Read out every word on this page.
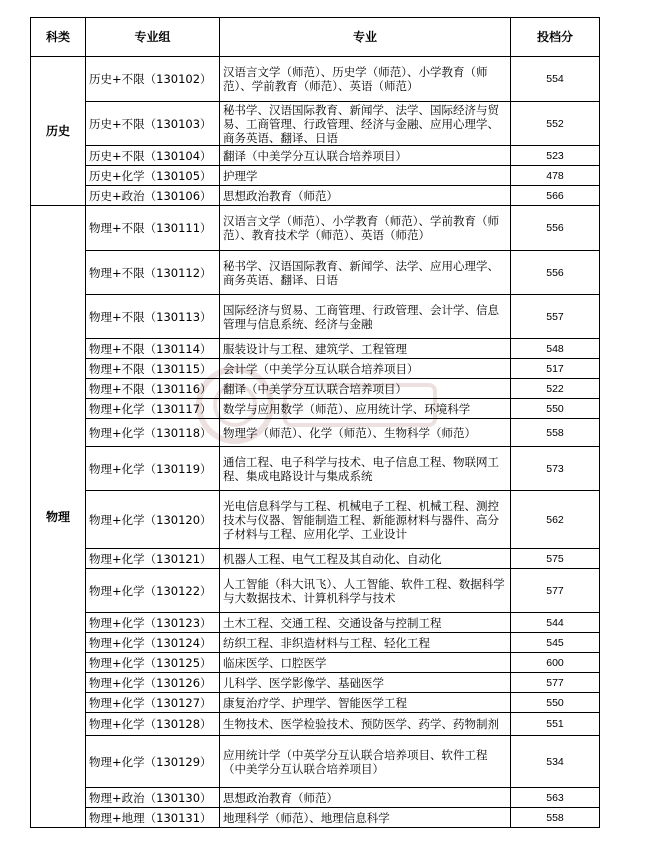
科类	专业组	专业	投档分
历史	历史+不限（130102）	汉语言文学（师范）、历史学（师范）、小学教育（师范）、学前教育（师范）、英语（师范）	554
	历史+不限（130103）	秘书学、汉语国际教育、新闻学、法学、国际经济与贸易、工商管理、行政管理、经济与金融、应用心理学、商务英语、翻译、日语	552
	历史+不限（130104）	翻译（中美学分互认联合培养项目）	523
	历史+化学（130105）	护理学	478
	历史+政治（130106）	思想政治教育（师范）	566
物理	物理+不限（130111）	汉语言文学（师范）、小学教育（师范）、学前教育（师范）、教育技术学（师范）、英语（师范）	556
	物理+不限（130112）	秘书学、汉语国际教育、新闻学、法学、应用心理学、商务英语、翻译、日语	556
	物理+不限（130113）	国际经济与贸易、工商管理、行政管理、会计学、信息管理与信息系统、经济与金融	557
	物理+不限（130114）	服装设计与工程、建筑学、工程管理	548
	物理+不限（130115）	会计学（中美学分互认联合培养项目）	517
	物理+不限（130116）	翻译（中美学分互认联合培养项目）	522
	物理+化学（130117）	数学与应用数学（师范）、应用统计学、环境科学	550
	物理+化学（130118）	物理学（师范）、化学（师范）、生物科学（师范）	558
	物理+化学（130119）	通信工程、电子科学与技术、电子信息工程、物联网工程、集成电路设计与集成系统	573
	物理+化学（130120）	光电信息科学与工程、机械电子工程、机械工程、测控技术与仪器、智能制造工程、新能源材料与器件、高分子材料与工程、应用化学、工业设计	562
	物理+化学（130121）	机器人工程、电气工程及其自动化、自动化	575
	物理+化学（130122）	人工智能（科大讯飞）、人工智能、软件工程、数据科学与大数据技术、计算机科学与技术	577
	物理+化学（130123）	土木工程、交通工程、交通设备与控制工程	544
	物理+化学（130124）	纺织工程、非织造材料与工程、轻化工程	545
	物理+化学（130125）	临床医学、口腔医学	600
	物理+化学（130126）	儿科学、医学影像学、基础医学	577
	物理+化学（130127）	康复治疗学、护理学、智能医学工程	550
	物理+化学（130128）	生物技术、医学检验技术、预防医学、药学、药物制剂	551
	物理+化学（130129）	应用统计学（中英学分互认联合培养项目、软件工程（中美学分互认联合培养项目）	534
	物理+政治（130130）	思想政治教育（师范）	563
	物理+地理（130131）	地理科学（师范）、地理信息科学	558
